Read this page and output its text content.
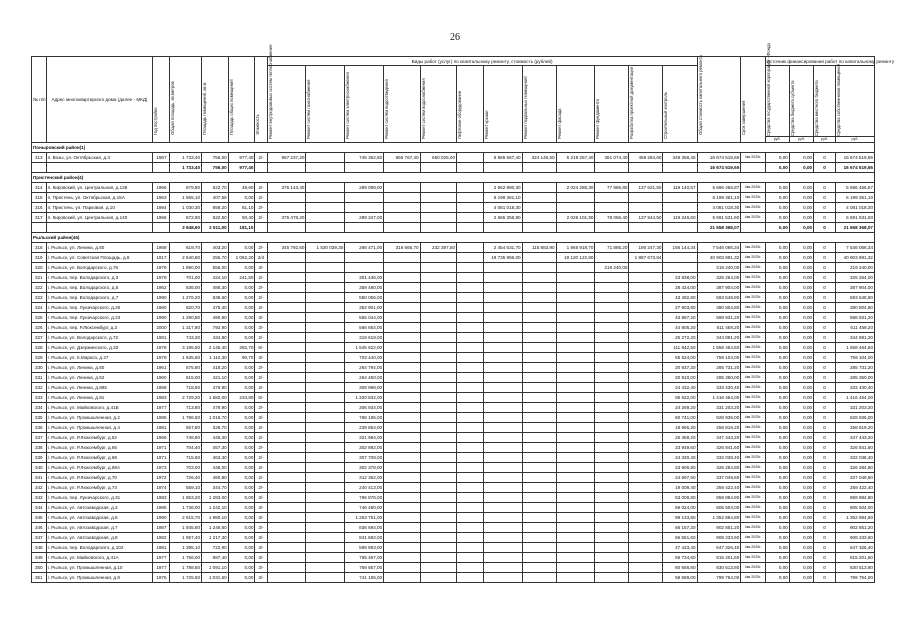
26
№ п/п	Адрес многоквартирного дома (далее - МКД)	Год постройки	Общая площадь, кв.метров	Площадь помещений, кв.м	Площадь общих помещений	Этажность	Виды работ (услуг) по капитальному ремонту, стоимость (рублей)												Общая стоимость капитального ремонта	Срок завершения	Источник финансирования работ по капитальному ремонту			

							Ремонт внутридомовых систем теплоснабжения	Ремонт систем газоснабжения	Ремонт систем электроснабжения	Ремонт систем водоотведения	Ремонт систем водоснабжения	Лифтовое оборудование	Ремонт крыши	Ремонт подвальных помещений	Ремонт фасада	Ремонт фундамента	Разработка проектной документации	Строительный контроль			Средства государственной корпорации - Фонда	Средства бюджета субъекта	Средства местного бюджета	Средства собственников помещений

																					руб.	руб.	руб.	руб.
Поныровский район(1)																								
313	п. Возы, ул. Октябрьская, д.3	1967	1 733,40	756,00	977,40	2/-	967 237,20		745 362,60	665 767,40	650 025,00		6 865 667,40	324 145,50	5 219 257,40	361 074,40	468 284,60	349 358,45	16 674 519,65	4кв.2025г.	0,00	0,00	0	16 674 519,65
			1 733,40	756,00	977,40														16 674 519,65		0,00	0,00	0	16 674 519,65
Пристенский район(4)																								
314	п. Кировский, ул. Центральная, д.138	1966	679,80	622,70	48,60	2/-	375 143,40		289 089,00				2 662 980,30		2 024 285,30	77 986,80	137 621,50	119 140,57	5 686 456,87	4кв.2025г.	0,00	0,00	0	5 686 456,87
315	п. Пристень, ул. Октябрьская, д.15А	1963	1 565,10	407,68	0,00	2/-							6 199 361,10						6 199 361,10	4кв.2025г.	0,00	0,00	0	6 199 361,10
316	п. Пристень, ул. Парковая, д.10	1994	1 030,30	858,20	81,10	2/-							4 081 018,30						4 081 018,30	4кв.2025г.	0,00	0,00	0	4 081 018,30
317	п. Кировский, ул. Центральная, д.140	1966	672,90	622,50	50,40	2/-	375 478,20		289 347,00				2 665 356,90		2 026 101,90	78 056,40	137 944,50	119 246,60	5 691 531,60	4кв.2025г.	0,00	0,00	0	5 691 531,60
			3 948,60	2 511,00	181,10														21 658 368,07		0,00	0,00	0	21 658 368,07
Рыльский район(46)																								
318	г. Рыльск, ул. Ленина, д.60	1968	619,70	403,20	0,00	2/-	345 792,60	1 530 039,30	266 471,00	316 666,70	232 387,50		2 454 631,70	115 883,90	1 865 918,70	71 885,20	190 247,30	156 144,34	7 546 066,34	4кв.2025г.	0,00	0,00	0	7 546 066,34
319	г. Рыльск, ул. Советская Площадь, д.8	1917	2 540,80	255,70	1 062,20	2/4							19 735 866,00		19 120 122,80		1 887 673,84		40 903 991,32	4кв.2025г.	0,00	0,00	0	40 903 991,32
320	г. Рыльск, ул. Володарского, д.76	1979	1 890,00	556,00	0,00	3/-										219 240,00			219 240,00	4кв.2025г.	0,00	0,00	0	219 240,00
321	г. Рыльск, пер. Володарского, д.3	1979	701,00	424,10	241,50	2/-			301 436,00									23 838,00	325 264,00	4кв.2025г.	0,00	0,00	0	325 264,00
322	г. Рыльск, пер. Володарского, д.5	1962	836,00	486,30	0,00	2/-			359 480,00									28 424,00	387 904,00	4кв.2025г.	0,00	0,00	0	387 904,00
323	г. Рыльск, пер. Володарского, д.7	1990	1 276,20	636,60	0,00	2/-			550 056,00									43 492,80	593 548,80	4кв.2025г.	0,00	0,00	0	593 548,80
324	г. Рыльск, пер. Луначарского, д.26	1980	820,70	475,40	0,00	2/-			352 901,00									27 903,80	380 804,80	4кв.2025г.	0,00	0,00	0	380 804,80
325	г. Рыльск, пер. Луначарского, д.23	1990	1 290,80	490,90	0,00	3/-			555 044,00									43 887,20	598 931,20	4кв.2025г.	0,00	0,00	0	598 931,20
326	г. Рыльск, пер. Р.Люксембург, д.2	2000	1 317,80	792,90	0,00	3/-			566 654,00									44 805,20	611 459,20	4кв.2025г.	0,00	0,00	0	611 459,20
327	г. Рыльск, ул. Володарского, д.72	1981	743,30	434,80	0,00	2/-			319 619,00									25 272,20	344 891,20	4кв.2025г.	0,00	0,00	0	344 891,20
328	г. Рыльск, ул. Дзержинского, д.33	1978	3 195,50	2 145,40	282,70	5/-			1 545 622,00									111 842,50	1 658 464,50	4кв.2025г.	0,00	0,00	0	1 658 464,50
329	г. Рыльск, ул. К.Маркса, д.27	1979	1 635,60	1 110,30	90,70	3/-			703 440,00									55 624,00	759 104,00	4кв.2025г.	0,00	0,00	0	759 104,00
330	г. Рыльск, ул. Ленина, д.60	1961	575,80	418,20	0,00	2/-			264 794,00									20 937,20	285 731,20	4кв.2025г.	0,00	0,00	0	285 731,20
331	г. Рыльск, ул. Ленина, д.52	1960	615,00	421,10	0,00	2/-			264 450,00									20 910,00	285 360,00	4кв.2025г.	0,00	0,00	0	285 360,00
332	г. Рыльск, ул. Ленина, д.895	1958	718,60	476,80	0,00	2/-			308 998,00									24 432,40	333 430,40	4кв.2025г.	0,00	0,00	0	333 430,40
333	г. Рыльск, ул. Ленина, д.91	1983	2 729,20	1 682,00	234,80	5/-			1 320 832,00									95 622,00	1 416 454,00	4кв.2025г.	0,00	0,00	0	1 416 454,00
334	г. Рыльск, ул. Майковского, д.41Б	1977	713,80	479,90	0,00	2/-			306 934,00									24 269,20	331 203,20	4кв.2025г.	0,00	0,00	0	331 203,20
335	г. Рыльск, ул. Промышленная, д.2	1985	1 786,50	1 016,70	0,00	3/-			768 195,00									60 741,00	828 936,00	4кв.2025г.	0,00	0,00	0	828 936,00
336	г. Рыльск, ул. Промышленная, д.4	1981	557,80	328,70	0,00	2/-			239 854,00									18 965,20	258 819,20	4кв.2025г.	0,00	0,00	0	258 819,20
337	г. Рыльск, ул. Р.Люксембург, д.62	1969	748,80	445,30	0,00	2/-			321 984,00									25 459,20	347 443,20	4кв.2025г.	0,00	0,00	0	347 443,20
338	г. Рыльск, ул. Р.Люксембург, д.65	1971	704,40	457,30	0,00	2/-			302 892,00									23 949,60	326 841,60	4кв.2025г.	0,00	0,00	0	326 841,60
339	г. Рыльск, ул. Р.Люксембург, д.68	1971	715,60	463,30	0,00	2/-			307 708,00									24 330,40	332 038,40	4кв.2025г.	0,00	0,00	0	332 038,40
340	г. Рыльск, ул. Р.Люксембург, д.68А	1973	703,00	448,00	0,00	2/-			302 378,00									23 906,80	326 284,80	4кв.2025г.	0,00	0,00	0	326 284,80
341	г. Рыльск, ул. Р.Люксембург, д.70	1972	726,40	460,80	0,00	2/-			312 352,00									24 697,60	337 049,60	4кв.2025г.	0,00	0,00	0	337 049,60
342	г. Рыльск, ул. Р.Люксембург, д.74	1974	559,10	344,70	0,00	2/-			240 413,00									19 009,40	259 422,40	4кв.2025г.	0,00	0,00	0	259 422,40
343	г. Рыльск, пер. Луначарского, д.31	1983	1 853,20	1 283,00	0,00	3/-			796 876,00									63 008,80	859 884,80	4кв.2025г.	0,00	0,00	0	859 884,80
344	г. Рыльск, ул. Автозаводская, д.3	1985	1 736,00	1 242,10	0,00	3/-			746 480,00									59 024,00	805 504,00	4кв.2025г.	0,00	0,00	0	805 504,00
345	г. Рыльск, ул. Автозаводская, д.6	1990	2 615,70	1 980,10	0,00	3/-			1 253 751,00									99 133,80	1 352 884,80	4кв.2025г.	0,00	0,00	0	1 352 884,80
346	г. Рыльск, ул. Автозаводская, д.7	1987	1 945,60	1 246,60	0,00	3/-			836 694,00									66 157,20	902 851,20	4кв.2025г.	0,00	0,00	0	902 851,20
347	г. Рыльск, ул. Автозаводская, д.8	1982	1 957,40	1 217,30	0,00	3/-			841 682,00									66 551,60	908 233,60	4кв.2025г.	0,00	0,00	0	908 233,60
348	г. Рыльск, пер. Володарского, д.102	1981	1 395,10	722,90	0,00	3/-			599 893,00									47 433,40	647 326,40	4кв.2025г.	0,00	0,00	0	647 326,40
349	г. Рыльск, ул. Майковского, д.41А	1977	1 756,00	987,40	0,00	3/-			755 467,00									59 734,60	815 201,60	4кв.2025г.	0,00	0,00	0	815 201,60
350	г. Рыльск, ул. Промышленная, д.10	1977	1 788,50	1 091,10	0,00	3/-			769 857,00									60 656,80	830 513,80	4кв.2025г.	0,00	0,00	0	830 513,80
351	г. Рыльск, ул. Промышленная, д.8	1975	1 725,50	1 031,60	0,00	3/-			741 165,00									58 589,00	799 754,00	4кв.2025г.	0,00	0,00	0	799 754,00
